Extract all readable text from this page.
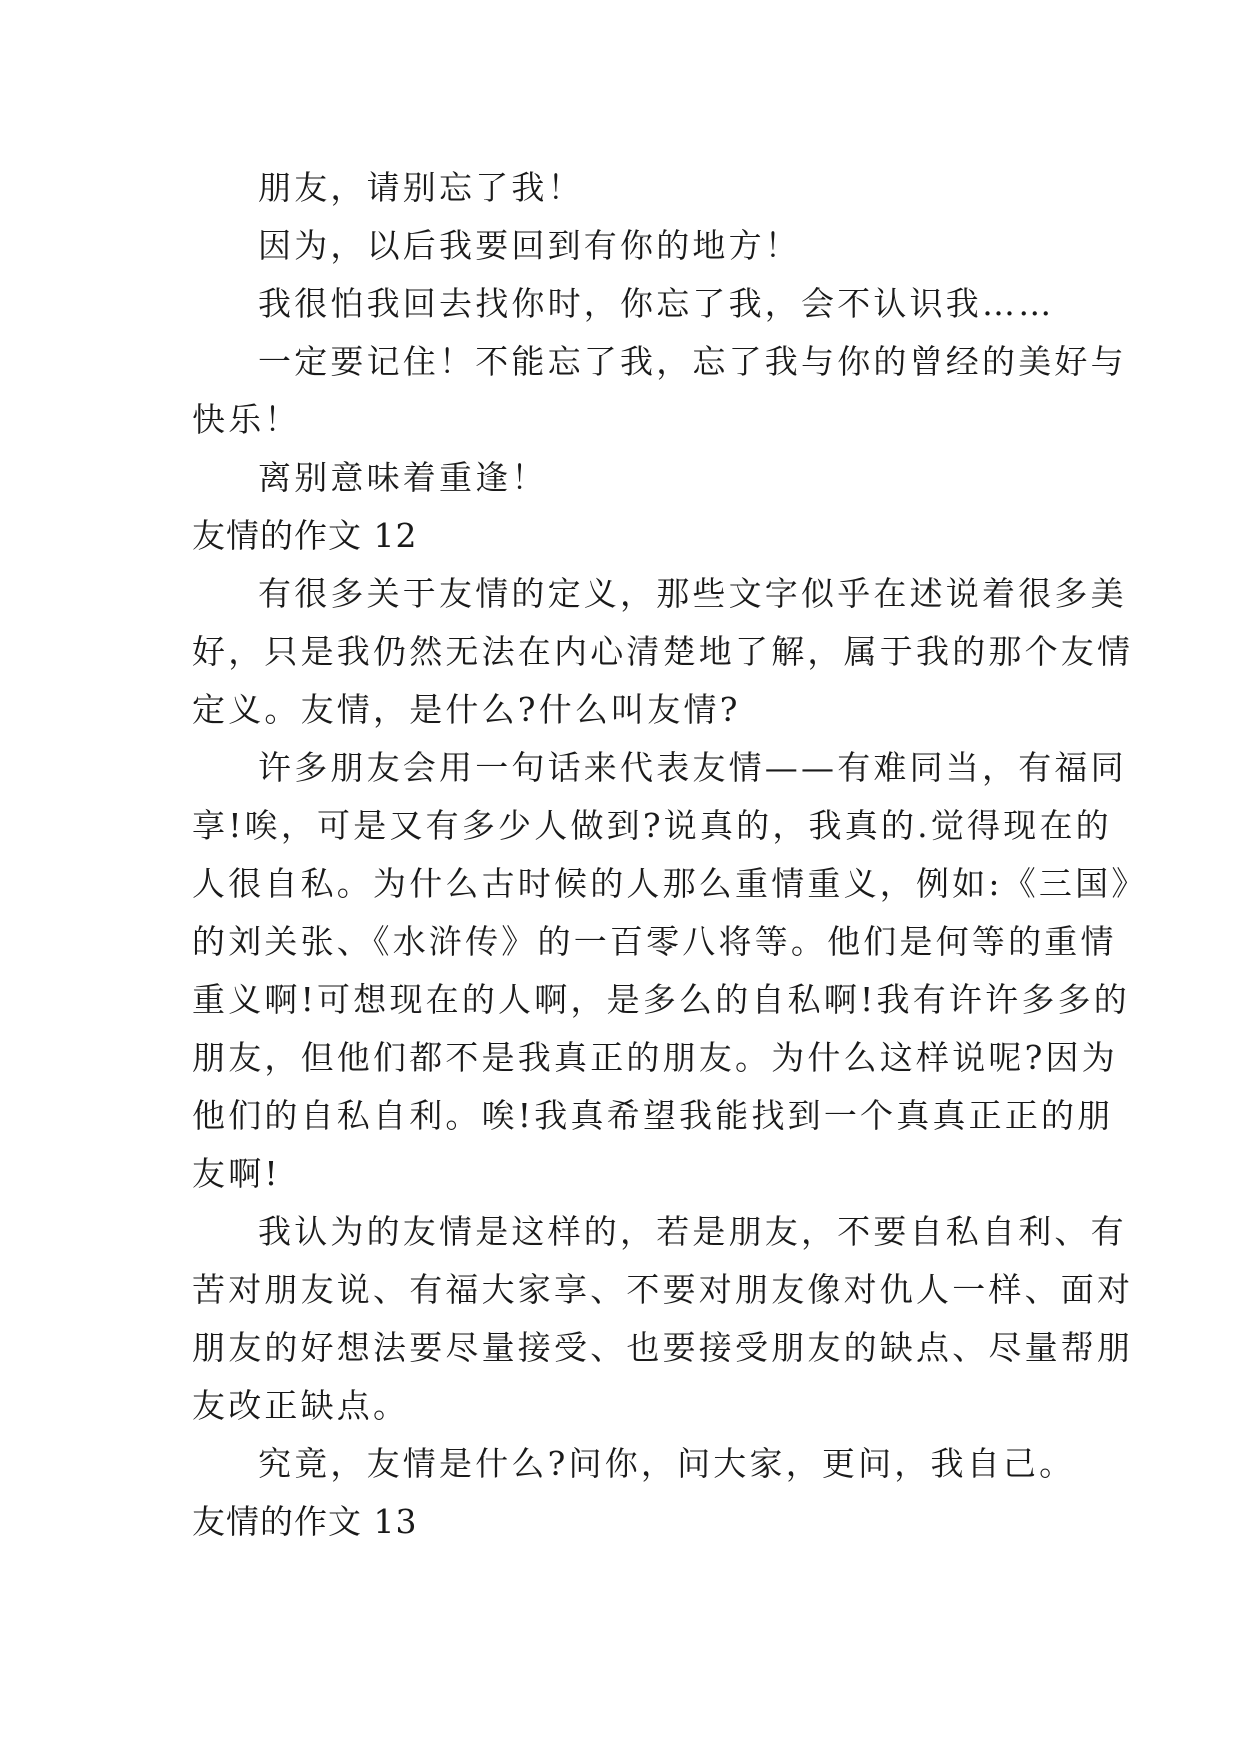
朋友，请别忘了我！
因为，以后我要回到有你的地方！
我很怕我回去找你时，你忘了我，会不认识我……
一定要记住！不能忘了我，忘了我与你的曾经的美好与
快乐！
离别意味着重逢！
友情的作文 12
有很多关于友情的定义，那些文字似乎在述说着很多美
好，只是我仍然无法在内心清楚地了解，属于我的那个友情
定义。友情，是什么?什么叫友情?
许多朋友会用一句话来代表友情——有难同当，有福同
享!唉，可是又有多少人做到?说真的，我真的.觉得现在的
人很自私。为什么古时候的人那么重情重义，例如:《三国》
的刘关张、《水浒传》的一百零八将等。他们是何等的重情
重义啊!可想现在的人啊，是多么的自私啊!我有许许多多的
朋友，但他们都不是我真正的朋友。为什么这样说呢?因为
他们的自私自利。唉!我真希望我能找到一个真真正正的朋
友啊!
我认为的友情是这样的，若是朋友，不要自私自利、有
苦对朋友说、有福大家享、不要对朋友像对仇人一样、面对
朋友的好想法要尽量接受、也要接受朋友的缺点、尽量帮朋
友改正缺点。
究竟，友情是什么?问你，问大家，更问，我自己。
友情的作文 13
